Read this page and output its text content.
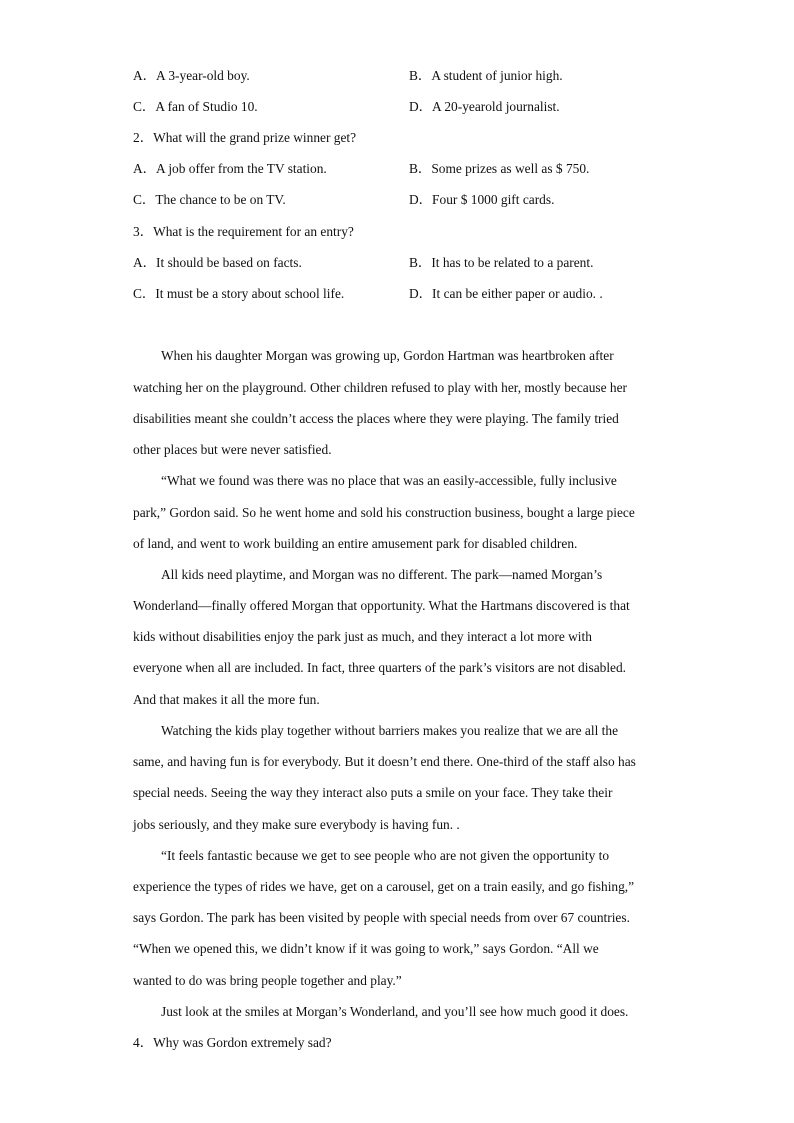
A．A 3-year-old boy.	B．A student of junior high.
C．A fan of Studio 10.	D．A 20-yearold journalist.
2．What will the grand prize winner get?
A．A job offer from the TV station.	B．Some prizes as well as $ 750.
C．The chance to be on TV.	D．Four $ 1000 gift cards.
3．What is the requirement for an entry?
A．It should be based on facts.	B．It has to be related to a parent.
C．It must be a story about school life.	D．It can be either paper or audio. .
When his daughter Morgan was growing up, Gordon Hartman was heartbroken after
watching her on the playground. Other children refused to play with her, mostly because her
disabilities meant she couldn’t access the places where they were playing. The family tried
other places but were never satisfied.
“What we found was there was no place that was an easily-accessible, fully inclusive
park,” Gordon said. So he went home and sold his construction business, bought a large piece
of land, and went to work building an entire amusement park for disabled children.
All kids need playtime, and Morgan was no different. The park—named Morgan’s
Wonderland—finally offered Morgan that opportunity. What the Hartmans discovered is that
kids without disabilities enjoy the park just as much, and they interact a lot more with
everyone when all are included. In fact, three quarters of the park’s visitors are not disabled.
And that makes it all the more fun.
Watching the kids play together without barriers makes you realize that we are all the
same, and having fun is for everybody. But it doesn’t end there. One-third of the staff also has
special needs. Seeing the way they interact also puts a smile on your face. They take their
jobs seriously, and they make sure everybody is having fun. .
“It feels fantastic because we get to see people who are not given the opportunity to
experience the types of rides we have, get on a carousel, get on a train easily, and go fishing,”
says Gordon. The park has been visited by people with special needs from over 67 countries.
“When we opened this, we didn’t know if it was going to work,” says Gordon. “All we
wanted to do was bring people together and play.”
Just look at the smiles at Morgan’s Wonderland, and you’ll see how much good it does.
4．Why was Gordon extremely sad?
